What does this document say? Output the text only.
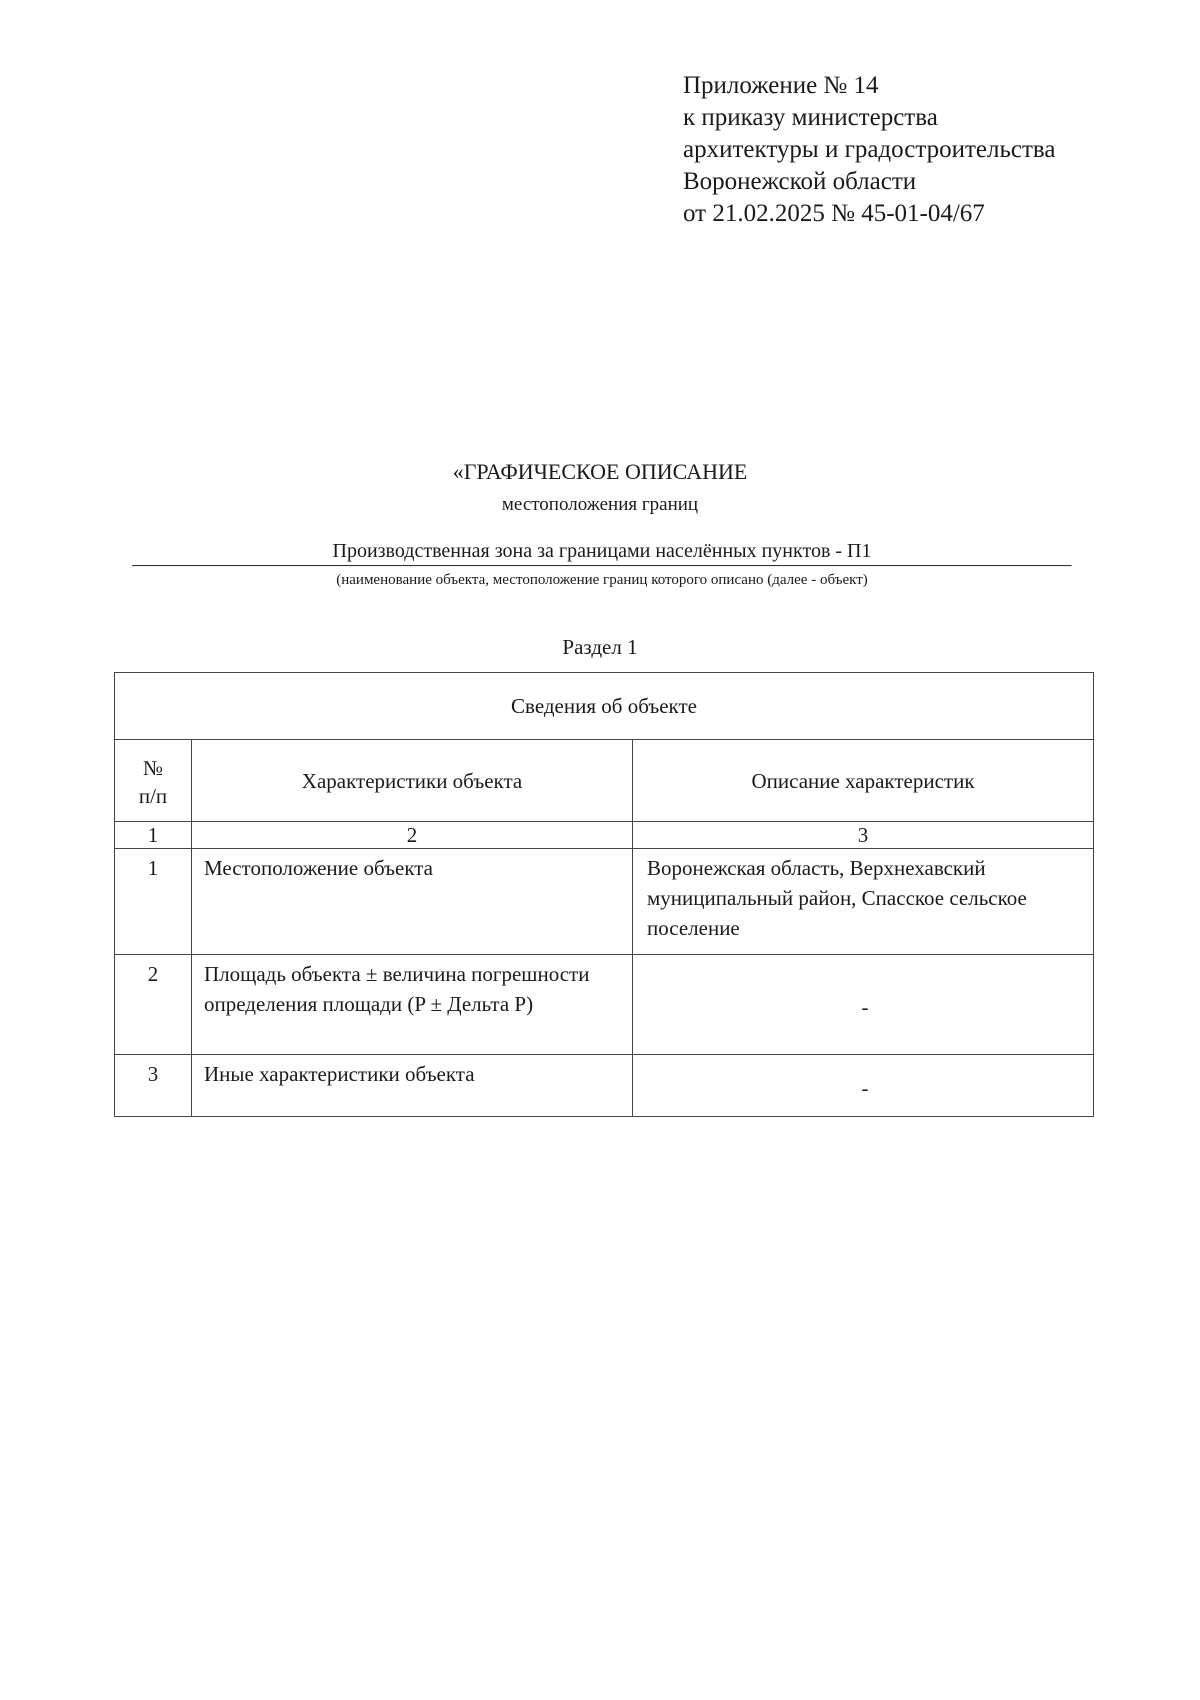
Приложение № 14
к приказу министерства
архитектуры и градостроительства
Воронежской области
от 21.02.2025 № 45-01-04/67
«ГРАФИЧЕСКОЕ ОПИСАНИЕ
местоположения границ
Производственная зона за границами населённых пунктов - П1
(наименование объекта, местоположение границ которого описано (далее - объект)
Раздел 1
Сведения об объекте		

№
п/п	Характеристики объекта	Описание характеристик
1	2	3
1	Местоположение объекта	Воронежская область, Верхнехавский муниципальный район, Спасское сельское поселение
2	Площадь объекта ± величина погрешности определения площади (P ± Дельта P)	-
3	Иные характеристики объекта	-
